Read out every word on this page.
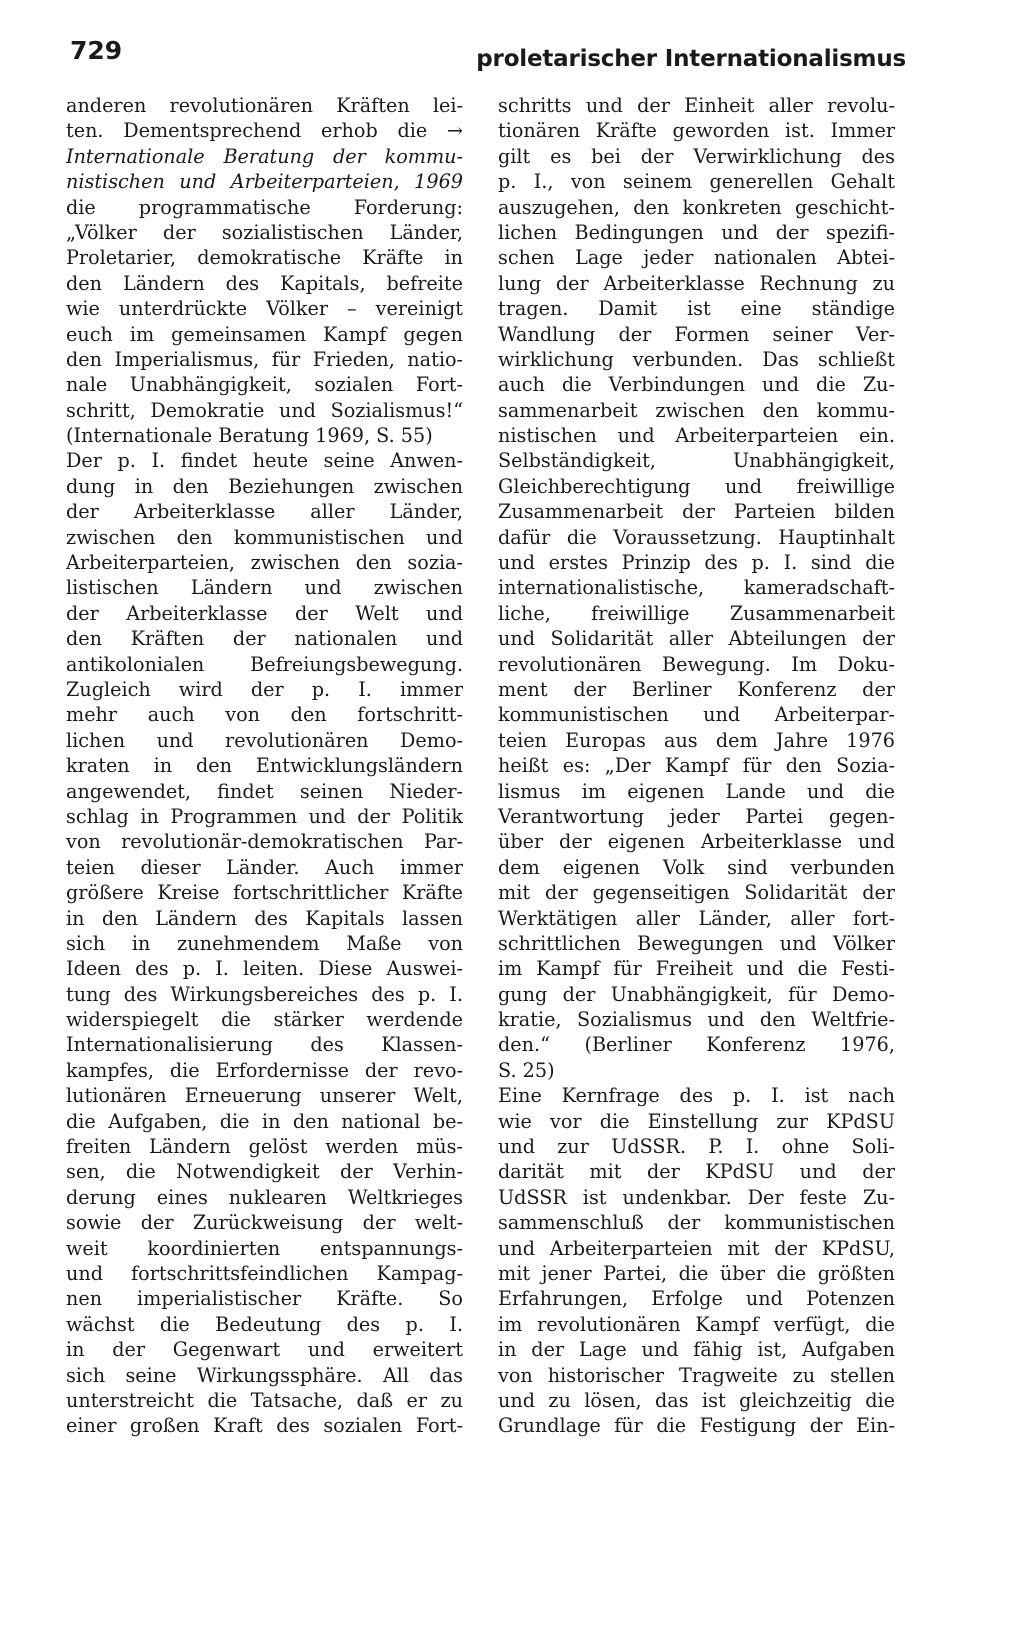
729	proletarischer Internationalismus
anderen revolutionären Kräften lei-
ten. Dementsprechend erhob die →
Internationale Beratung der kommu-
nistischen und Arbeiterparteien, 1969
die programmatische Forderung:
„Völker der sozialistischen Länder,
Proletarier, demokratische Kräfte in
den Ländern des Kapitals, befreite
wie unterdrückte Völker – vereinigt
euch im gemeinsamen Kampf gegen
den Imperialismus, für Frieden, natio-
nale Unabhängigkeit, sozialen Fort-
schritt, Demokratie und Sozialismus!“
(Internationale Beratung 1969, S. 55)
Der p. I. findet heute seine Anwen-
dung in den Beziehungen zwischen
der Arbeiterklasse aller Länder,
zwischen den kommunistischen und
Arbeiterparteien, zwischen den sozia-
listischen Ländern und zwischen
der Arbeiterklasse der Welt und
den Kräften der nationalen und
antikolonialen Befreiungsbewegung.
Zugleich wird der p. I. immer
mehr auch von den fortschritt-
lichen und revolutionären Demo-
kraten in den Entwicklungsländern
angewendet, findet seinen Nieder-
schlag in Programmen und der Politik
von revolutionär-demokratischen Par-
teien dieser Länder. Auch immer
größere Kreise fortschrittlicher Kräfte
in den Ländern des Kapitals lassen
sich in zunehmendem Maße von
Ideen des p. I. leiten. Diese Auswei-
tung des Wirkungsbereiches des p. I.
widerspiegelt die stärker werdende
Internationalisierung des Klassen-
kampfes, die Erfordernisse der revo-
lutionären Erneuerung unserer Welt,
die Aufgaben, die in den national be-
freiten Ländern gelöst werden müs-
sen, die Notwendigkeit der Verhin-
derung eines nuklearen Weltkrieges
sowie der Zurückweisung der welt-
weit koordinierten entspannungs-
und fortschrittsfeindlichen Kampag-
nen imperialistischer Kräfte. So
wächst die Bedeutung des p. I.
in der Gegenwart und erweitert
sich seine Wirkungssphäre. All das
unterstreicht die Tatsache, daß er zu
einer großen Kraft des sozialen Fort-
schritts und der Einheit aller revolu-
tionären Kräfte geworden ist. Immer
gilt es bei der Verwirklichung des
p. I., von seinem generellen Gehalt
auszugehen, den konkreten geschicht-
lichen Bedingungen und der spezifi-
schen Lage jeder nationalen Abtei-
lung der Arbeiterklasse Rechnung zu
tragen. Damit ist eine ständige
Wandlung der Formen seiner Ver-
wirklichung verbunden. Das schließt
auch die Verbindungen und die Zu-
sammenarbeit zwischen den kommu-
nistischen und Arbeiterparteien ein.
Selbständigkeit, Unabhängigkeit,
Gleichberechtigung und freiwillige
Zusammenarbeit der Parteien bilden
dafür die Voraussetzung. Hauptinhalt
und erstes Prinzip des p. I. sind die
internationalistische, kameradschaft-
liche, freiwillige Zusammenarbeit
und Solidarität aller Abteilungen der
revolutionären Bewegung. Im Doku-
ment der Berliner Konferenz der
kommunistischen und Arbeiterpar-
teien Europas aus dem Jahre 1976
heißt es: „Der Kampf für den Sozia-
lismus im eigenen Lande und die
Verantwortung jeder Partei gegen-
über der eigenen Arbeiterklasse und
dem eigenen Volk sind verbunden
mit der gegenseitigen Solidarität der
Werktätigen aller Länder, aller fort-
schrittlichen Bewegungen und Völker
im Kampf für Freiheit und die Festi-
gung der Unabhängigkeit, für Demo-
kratie, Sozialismus und den Weltfrie-
den.“ (Berliner Konferenz 1976,
S. 25)
Eine Kernfrage des p. I. ist nach
wie vor die Einstellung zur KPdSU
und zur UdSSR. P. I. ohne Soli-
darität mit der KPdSU und der
UdSSR ist undenkbar. Der feste Zu-
sammenschluß der kommunistischen
und Arbeiterparteien mit der KPdSU,
mit jener Partei, die über die größten
Erfahrungen, Erfolge und Potenzen
im revolutionären Kampf verfügt, die
in der Lage und fähig ist, Aufgaben
von historischer Tragweite zu stellen
und zu lösen, das ist gleichzeitig die
Grundlage für die Festigung der Ein-
